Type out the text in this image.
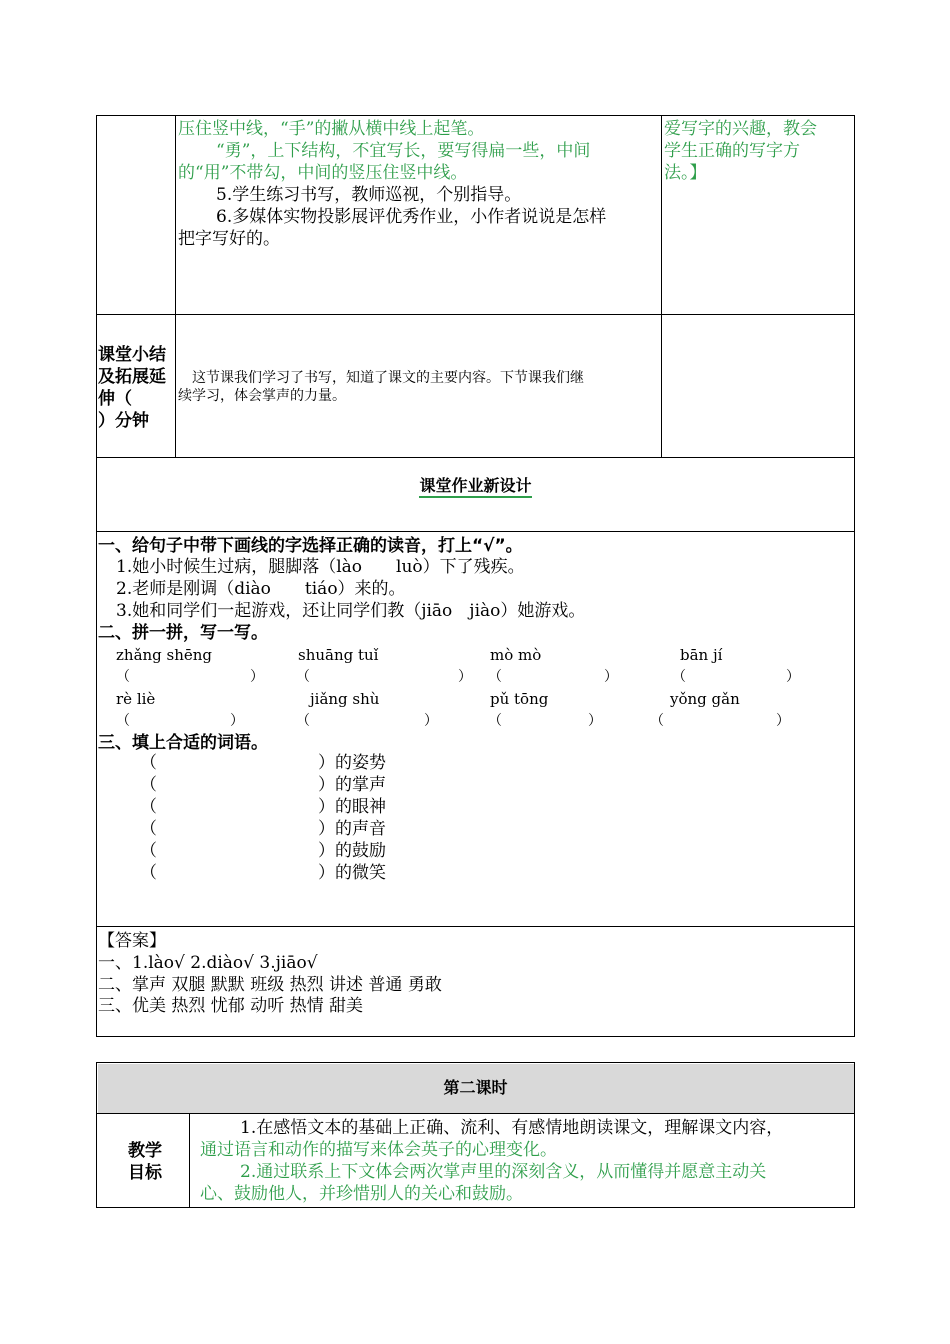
压住竖中线，“手”的撇从横中线上起笔。
“勇”，上下结构，不宜写长，要写得扁一些，中间
的“用”不带勾，中间的竖压住竖中线。
5.学生练习书写，教师巡视，个别指导。
6.多媒体实物投影展评优秀作业，小作者说说是怎样
把字写好的。
爱写字的兴趣，教会
学生正确的写字方
法。】
课堂小结
及拓展延
伸（
）分钟
这节课我们学习了书写，知道了课文的主要内容。下节课我们继
续学习，体会掌声的力量。
课堂作业新设计
一、给句子中带下画线的字选择正确的读音，打上“√”。
1.她小时候生过病，腿脚落（lào　　luò）下了残疾。
2.老师是刚调（diào　　tiáo）来的。
3.她和同学们一起游戏，还让同学们教（jiāo　jiào）她游戏。
二、拼一拼，写一写。
zhǎng shēng	shuāng tuǐ	mò mò	bān jí
（	） （	） （	）	（	）
rè liè	jiǎng shù	pǔ tōng	yǒng gǎn
（	）	（	）	（	）	（	）
三、填上合适的词语。
（	）的姿势
（	）的掌声
（	）的眼神
（	）的声音
（	）的鼓励
（	）的微笑
【答案】
一、1.lào√ 2.diào√ 3.jiāo√
二、掌声 双腿 默默 班级 热烈 讲述 普通 勇敢
三、优美 热烈 忧郁 动听 热情 甜美
第二课时
教学
目标
1.在感悟文本的基础上正确、流利、有感情地朗读课文，理解课文内容，
通过语言和动作的描写来体会英子的心理变化。
2.通过联系上下文体会两次掌声里的深刻含义，从而懂得并愿意主动关
心、鼓励他人，并珍惜别人的关心和鼓励。
